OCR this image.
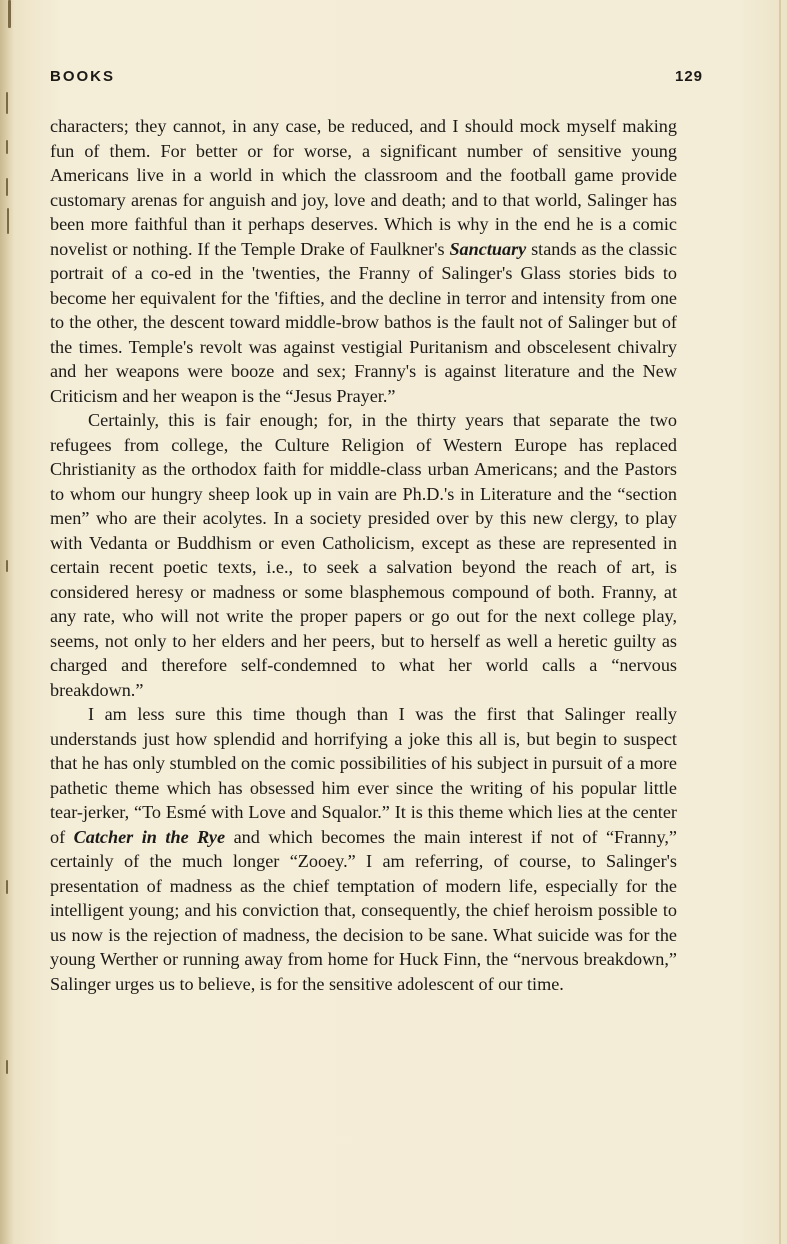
BOOKS	129

characters; they cannot, in any case, be reduced, and I should mock myself making fun of them. For better or for worse, a significant number of sensitive young Americans live in a world in which the classroom and the football game provide customary arenas for anguish and joy, love and death; and to that world, Salinger has been more faithful than it perhaps deserves. Which is why in the end he is a comic novelist or nothing. If the Temple Drake of Faulkner's Sanctuary stands as the classic portrait of a co-ed in the 'twenties, the Franny of Salinger's Glass stories bids to become her equivalent for the 'fifties, and the decline in terror and intensity from one to the other, the descent toward middle-brow bathos is the fault not of Salinger but of the times. Temple's revolt was against vestigial Puritanism and obscelesent chivalry and her weapons were booze and sex; Franny's is against literature and the New Criticism and her weapon is the “Jesus Prayer.”

Certainly, this is fair enough; for, in the thirty years that separate the two refugees from college, the Culture Religion of Western Europe has replaced Christianity as the orthodox faith for middle-class urban Americans; and the Pastors to whom our hungry sheep look up in vain are Ph.D.'s in Literature and the “section men” who are their acolytes. In a society presided over by this new clergy, to play with Vedanta or Buddhism or even Catholicism, except as these are represented in certain recent poetic texts, i.e., to seek a salvation beyond the reach of art, is considered heresy or madness or some blasphemous compound of both. Franny, at any rate, who will not write the proper papers or go out for the next college play, seems, not only to her elders and her peers, but to herself as well a heretic guilty as charged and therefore self-condemned to what her world calls a “nervous breakdown.”

I am less sure this time though than I was the first that Salinger really understands just how splendid and horrifying a joke this all is, but begin to suspect that he has only stumbled on the comic possibilities of his subject in pursuit of a more pathetic theme which has obsessed him ever since the writing of his popular little tear-jerker, “To Esmé with Love and Squalor.” It is this theme which lies at the center of Catcher in the Rye and which becomes the main interest if not of “Franny,” certainly of the much longer “Zooey.” I am referring, of course, to Salinger's presentation of madness as the chief temptation of modern life, especially for the intelligent young; and his conviction that, consequently, the chief heroism possible to us now is the rejection of madness, the decision to be sane. What suicide was for the young Werther or running away from home for Huck Finn, the “nervous breakdown,” Salinger urges us to believe, is for the sensitive adolescent of our time.
